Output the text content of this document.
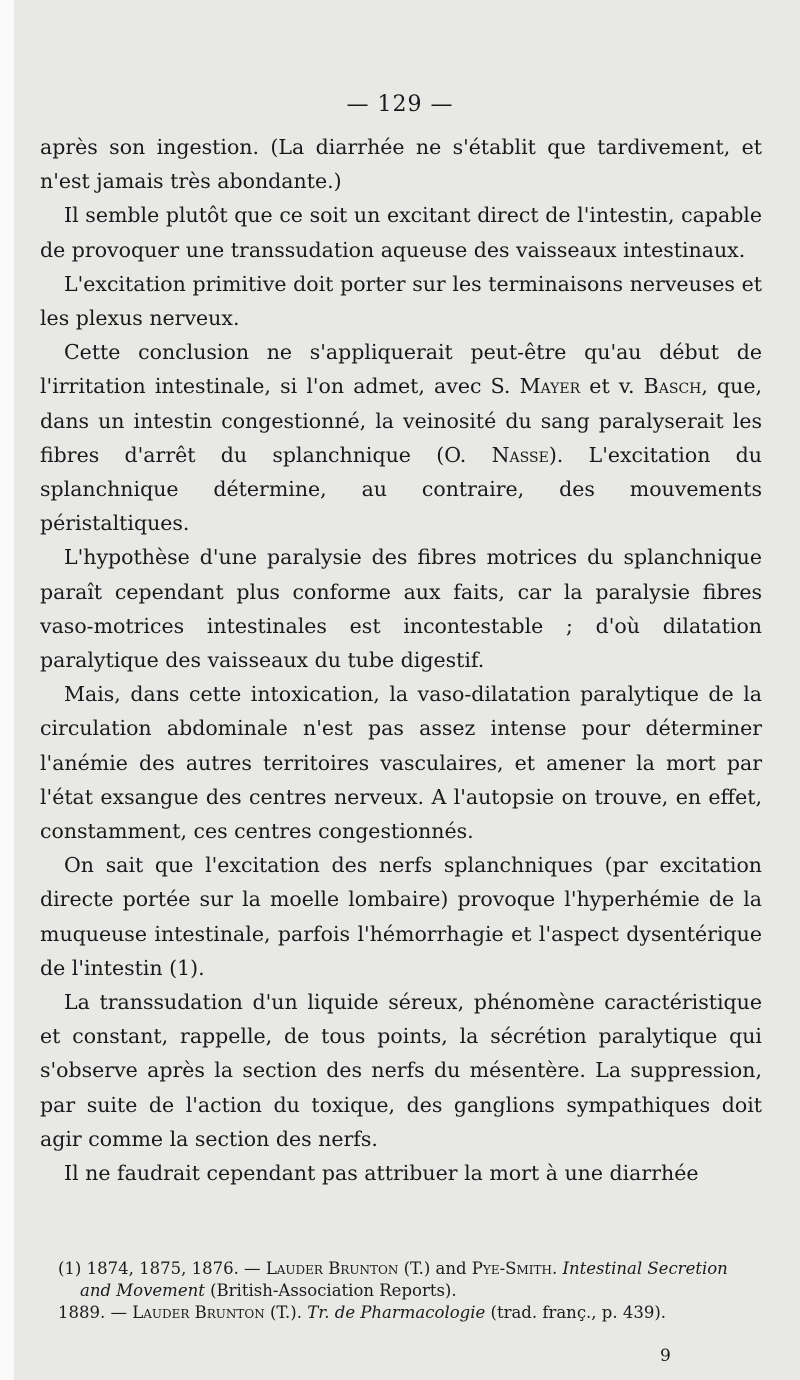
— 129 —

après son ingestion. (La diarrhée ne s'établit que tardivement, et n'est jamais très abondante.)

Il semble plutôt que ce soit un excitant direct de l'intestin, capable de provoquer une transsudation aqueuse des vaisseaux intestinaux.

L'excitation primitive doit porter sur les terminaisons nerveuses et les plexus nerveux.

Cette conclusion ne s'appliquerait peut-être qu'au début de l'irritation intestinale, si l'on admet, avec S. Mayer et v. Basch, que, dans un intestin congestionné, la veinosité du sang paralyserait les fibres d'arrêt du splanchnique (O. Nasse). L'excitation du splanchnique détermine, au contraire, des mouvements péristaltiques.

L'hypothèse d'une paralysie des fibres motrices du splanchnique paraît cependant plus conforme aux faits, car la paralysie fibres vaso-motrices intestinales est incontestable ; d'où dilatation paralytique des vaisseaux du tube digestif.

Mais, dans cette intoxication, la vaso-dilatation paralytique de la circulation abdominale n'est pas assez intense pour déterminer l'anémie des autres territoires vasculaires, et amener la mort par l'état exsangue des centres nerveux. A l'autopsie on trouve, en effet, constamment, ces centres congestionnés.

On sait que l'excitation des nerfs splanchniques (par excitation directe portée sur la moelle lombaire) provoque l'hyperhémie de la muqueuse intestinale, parfois l'hémorrhagie et l'aspect dysentérique de l'intestin (1).

La transsudation d'un liquide séreux, phénomène caractéristique et constant, rappelle, de tous points, la sécrétion paralytique qui s'observe après la section des nerfs du mésentère. La suppression, par suite de l'action du toxique, des ganglions sympathiques doit agir comme la section des nerfs.

Il ne faudrait cependant pas attribuer la mort à une diarrhée

(1) 1874, 1875, 1876. — Lauder Brunton (T.) and Pye-Smith. Intestinal Secretion and Movement (British-Association Reports).

1889. — Lauder Brunton (T.). Tr. de Pharmacologie (trad. franç., p. 439).

9
